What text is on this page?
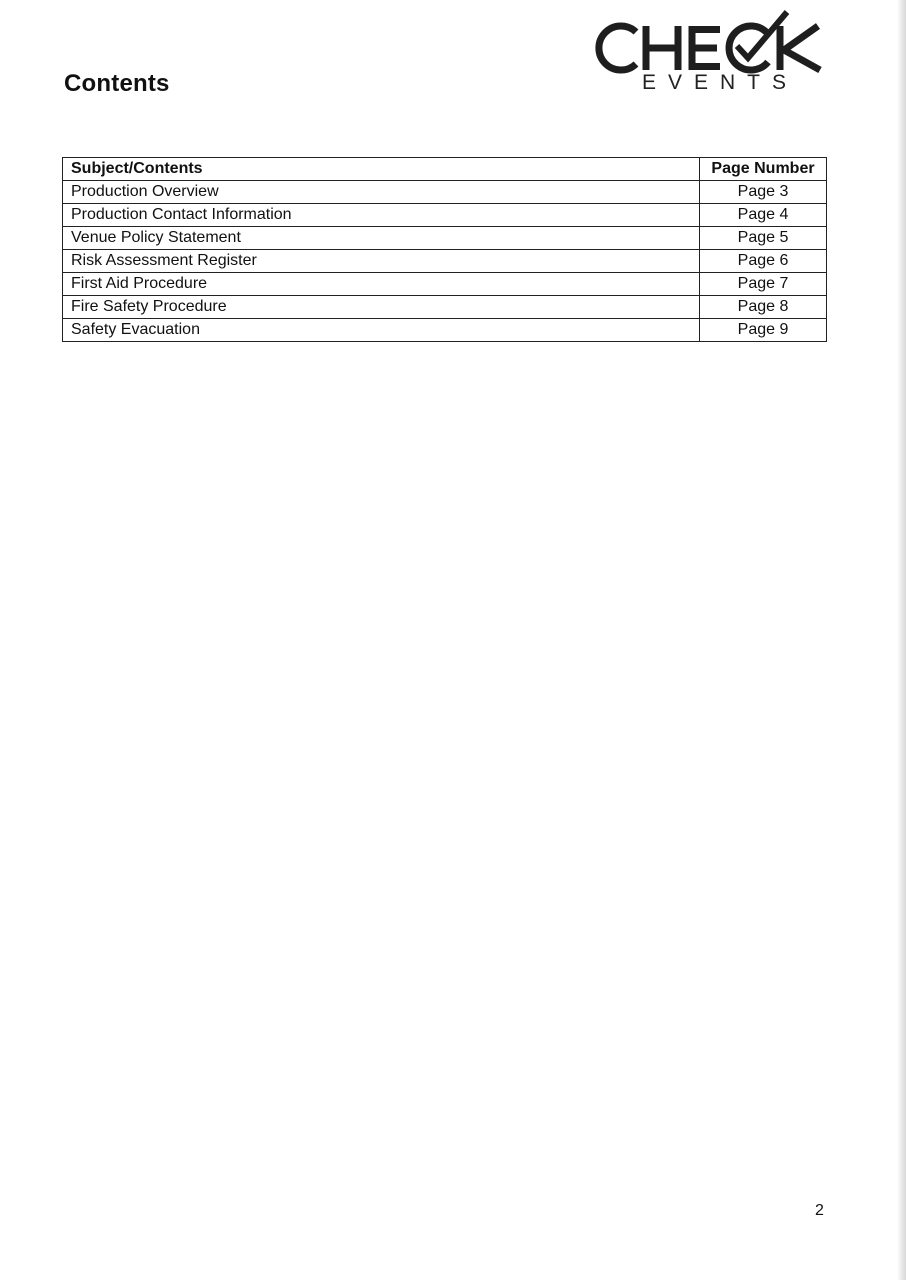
Contents	EVENTS
Subject/Contents	Page Number
Production Overview	Page 3
Production Contact Information	Page 4
Venue Policy Statement	Page 5
Risk Assessment Register	Page 6
First Aid Procedure	Page 7
Fire Safety Procedure	Page 8
Safety Evacuation	Page 9
2
